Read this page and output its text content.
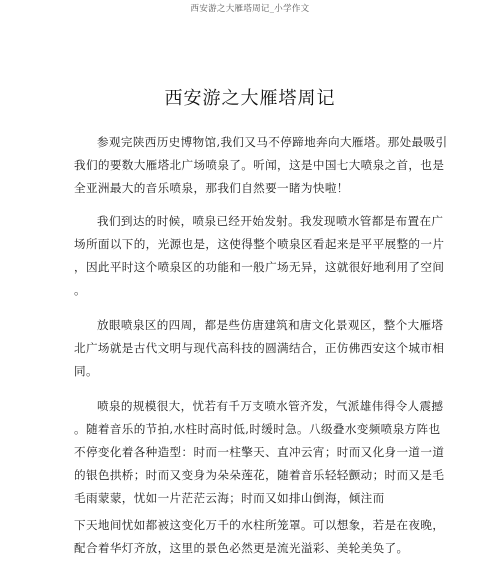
西安游之大雁塔周记_小学作文
西安游之大雁塔周记
参观完陕西历史博物馆,我们又马不停蹄地奔向大雁塔。那处最吸引
我们的要数大雁塔北广场喷泉了。听闻，这是中国七大喷泉之首，也是
全亚洲最大的音乐喷泉，那我们自然要一睹为快啦！
我们到达的时候，喷泉已经开始发射。我发现喷水管都是布置在广
场所面以下的，光源也是，这使得整个喷泉区看起来是平平展整的一片
，因此平时这个喷泉区的功能和一般广场无异，这就很好地利用了空间
。
放眼喷泉区的四周，都是些仿唐建筑和唐文化景观区，整个大雁塔
北广场就是古代文明与现代高科技的圆满结合，正仿佛西安这个城市相
同。
喷泉的规模很大，忧若有千万支喷水管齐发，气派雄伟得令人震撼
。随着音乐的节拍,水柱时高时低,时缓时急。八级叠水变频喷泉方阵也
不停变化着各种造型：时而一柱擎天、直冲云宵；时而又化身一道一道
的银色拱桥；时而又变身为朵朵莲花，随着音乐轻轻颤动；时而又是毛
毛雨蒙蒙，忧如一片茫茫云海；时而又如排山倒海，倾注而
下天地间忧如都被这变化万千的水柱所笼罩。可以想象，若是在夜晚，
配合着华灯齐放，这里的景色必然更是流光溢彩、美轮美奂了。
